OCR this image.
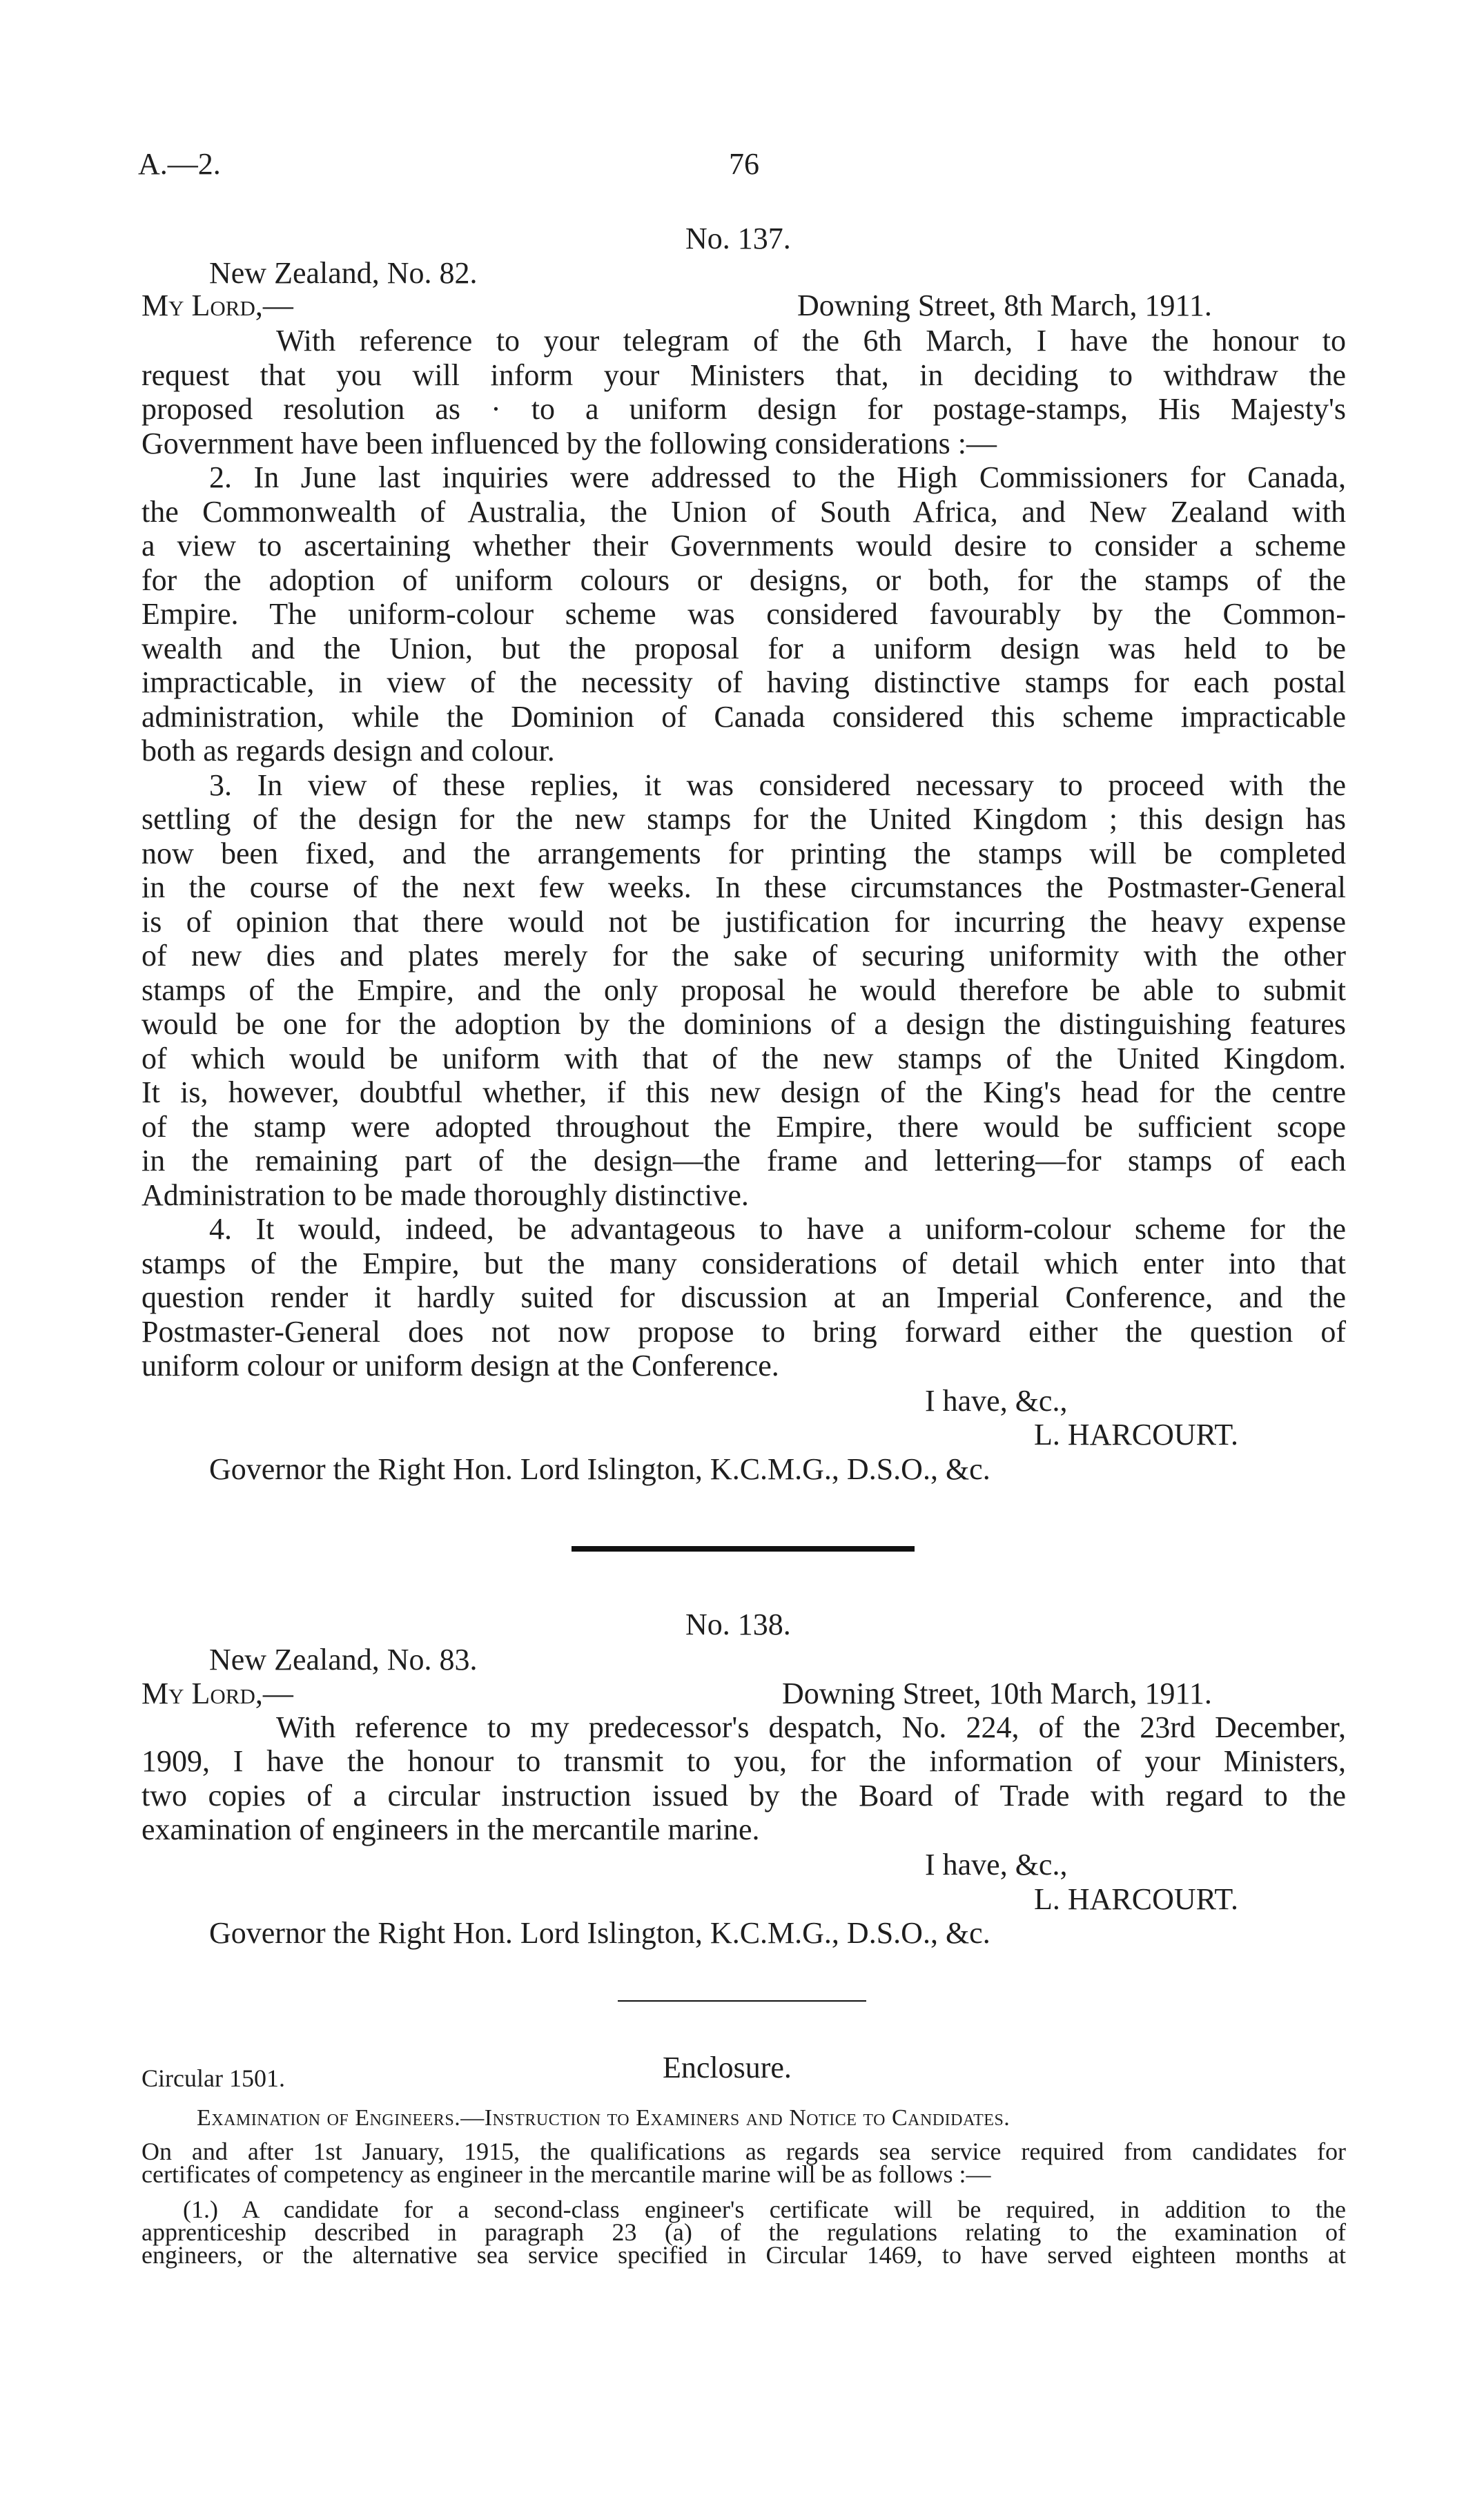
A.—2.	76
No. 137.
New Zealand, No. 82.
My Lord,—	Downing Street, 8th March, 1911.
With reference to your telegram of the 6th March, I have the honour to
request that you will inform your Ministers that, in deciding to withdraw the
proposed resolution as · to a uniform design for postage-stamps, His Majesty's
Government have been influenced by the following considerations :—
2. In June last inquiries were addressed to the High Commissioners for Canada,
the Commonwealth of Australia, the Union of South Africa, and New Zealand with
a view to ascertaining whether their Governments would desire to consider a scheme
for the adoption of uniform colours or designs, or both, for the stamps of the
Empire. The uniform-colour scheme was considered favourably by the Common-
wealth and the Union, but the proposal for a uniform design was held to be
impracticable, in view of the necessity of having distinctive stamps for each postal
administration, while the Dominion of Canada considered this scheme impracticable
both as regards design and colour.
3. In view of these replies, it was considered necessary to proceed with the
settling of the design for the new stamps for the United Kingdom ; this design has
now been fixed, and the arrangements for printing the stamps will be completed
in the course of the next few weeks. In these circumstances the Postmaster-General
is of opinion that there would not be justification for incurring the heavy expense
of new dies and plates merely for the sake of securing uniformity with the other
stamps of the Empire, and the only proposal he would therefore be able to submit
would be one for the adoption by the dominions of a design the distinguishing features
of which would be uniform with that of the new stamps of the United Kingdom.
It is, however, doubtful whether, if this new design of the King's head for the centre
of the stamp were adopted throughout the Empire, there would be sufficient scope
in the remaining part of the design—the frame and lettering—for stamps of each
Administration to be made thoroughly distinctive.
4. It would, indeed, be advantageous to have a uniform-colour scheme for the
stamps of the Empire, but the many considerations of detail which enter into that
question render it hardly suited for discussion at an Imperial Conference, and the
Postmaster-General does not now propose to bring forward either the question of
uniform colour or uniform design at the Conference.
I have, &c.,
L. HARCOURT.
Governor the Right Hon. Lord Islington, K.C.M.G., D.S.O., &c.
No. 138.
New Zealand, No. 83.
My Lord,—	Downing Street, 10th March, 1911.
With reference to my predecessor's despatch, No. 224, of the 23rd December,
1909, I have the honour to transmit to you, for the information of your Ministers,
two copies of a circular instruction issued by the Board of Trade with regard to the
examination of engineers in the mercantile marine.
I have, &c.,
L. HARCOURT.
Governor the Right Hon. Lord Islington, K.C.M.G., D.S.O., &c.
Circular 1501.	Enclosure.
Examination of Engineers.—Instruction to Examiners and Notice to Candidates.
On and after 1st January, 1915, the qualifications as regards sea service required from candidates for
certificates of competency as engineer in the mercantile marine will be as follows :—
(1.) A candidate for a second-class engineer's certificate will be required, in addition to the
apprenticeship described in paragraph 23 (a) of the regulations relating to the examination of
engineers, or the alternative sea service specified in Circular 1469, to have served eighteen months at
